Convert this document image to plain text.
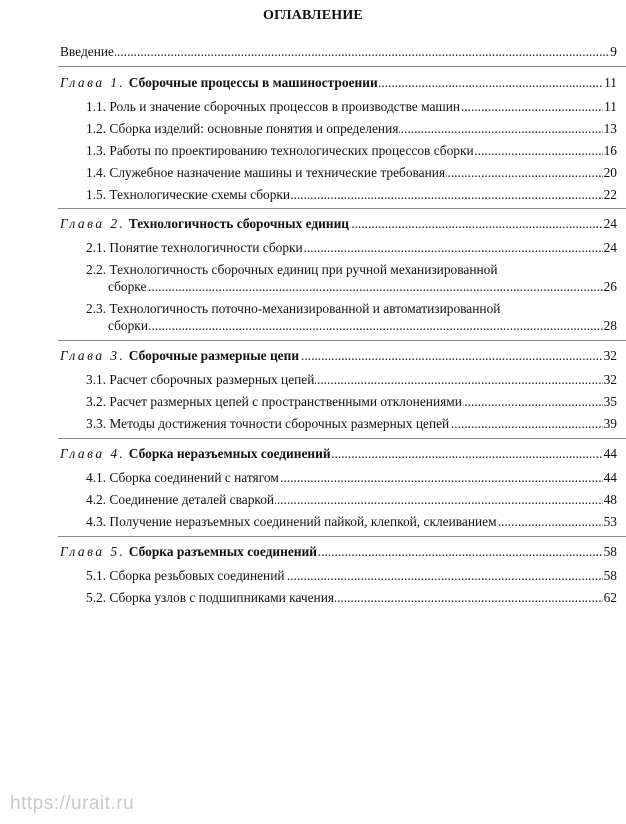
ОГЛАВЛЕНИЕ
.....
Введение	9
.....
Глава 1. Сборочные процессы в машиностроении	11
.....
1.1. Роль и значение сборочных процессов в производстве машин	11
.....
1.2. Сборка изделий: основные понятия и определения	13
.....
1.3. Работы по проектированию технологических процессов сборки	16
.....
1.4. Служебное назначение машины и технические требования	20
.....
1.5. Технологические схемы сборки	22
.....
Глава 2. Технологичность сборочных единиц	24
.....
2.1. Понятие технологичности сборки	24
2.2. Технологичность сборочных единиц при ручной механизированной
.....
сборке	26
2.3. Технологичность поточно-механизированной и автоматизированной
.....
сборки	28
.....
Глава 3. Сборочные размерные цепи	32
.....
3.1. Расчет сборочных размерных цепей	32
.....
3.2. Расчет размерных цепей с пространственными отклонениями	35
.....
3.3. Методы достижения точности сборочных размерных цепей	39
.....
Глава 4. Сборка неразъемных соединений	44
.....
4.1. Сборка соединений с натягом	44
.....
4.2. Соединение деталей сваркой	48
.....
4.3. Получение неразъемных соединений пайкой, клепкой, склеиванием	53
.....
Глава 5. Сборка разъемных соединений	58
.....
5.1. Сборка резьбовых соединений	58
.....
5.2. Сборка узлов с подшипниками качения	62
https://urait.ru
